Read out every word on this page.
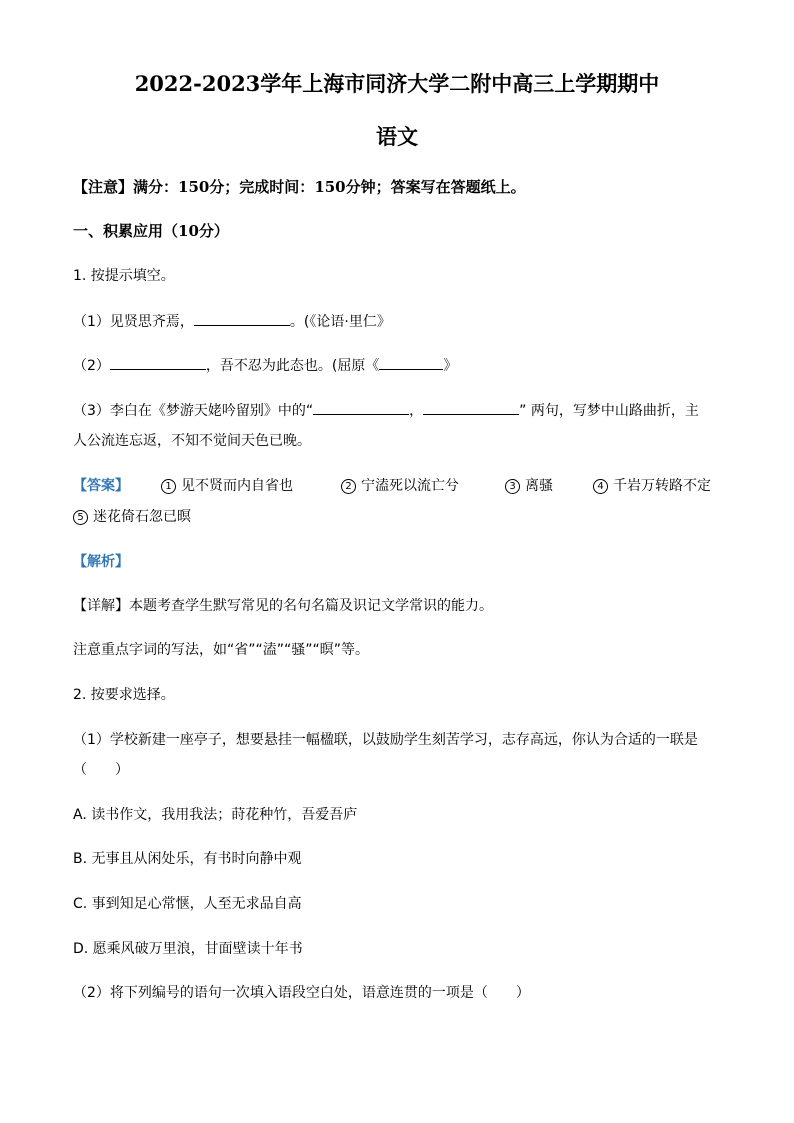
2022-2023学年上海市同济大学二附中高三上学期期中
语文
【注意】满分：150分；完成时间：150分钟；答案写在答题纸上。
一、积累应用（10分）
1. 按提示填空。
（1）见贤思齐焉，	。(《论语·里仁》
（2）	，吾不忍为此态也。(屈原《	》
（3）李白在《梦游天姥吟留别》中的“	，	” 两句，写梦中山路曲折，主
人公流连忘返，不知不觉间天色已晚。
【答案】	1 见不贤而内自省也	2 宁溘死以流亡兮	3 离骚	4 千岩万转路不定
5 迷花倚石忽已暝
【解析】
【详解】本题考查学生默写常见的名句名篇及识记文学常识的能力。
注意重点字词的写法，如“省”“溘”“骚”“暝”等。
2. 按要求选择。
（1）学校新建一座亭子，想要悬挂一幅楹联，以鼓励学生刻苦学习，志存高远，你认为合适的一联是
（　　）
A. 读书作文，我用我法；莳花种竹，吾爱吾庐
B. 无事且从闲处乐，有书时向静中观
C. 事到知足心常惬，人至无求品自高
D. 愿乘风破万里浪，甘面壁读十年书
（2）将下列编号的语句一次填入语段空白处，语意连贯的一项是（　　）
